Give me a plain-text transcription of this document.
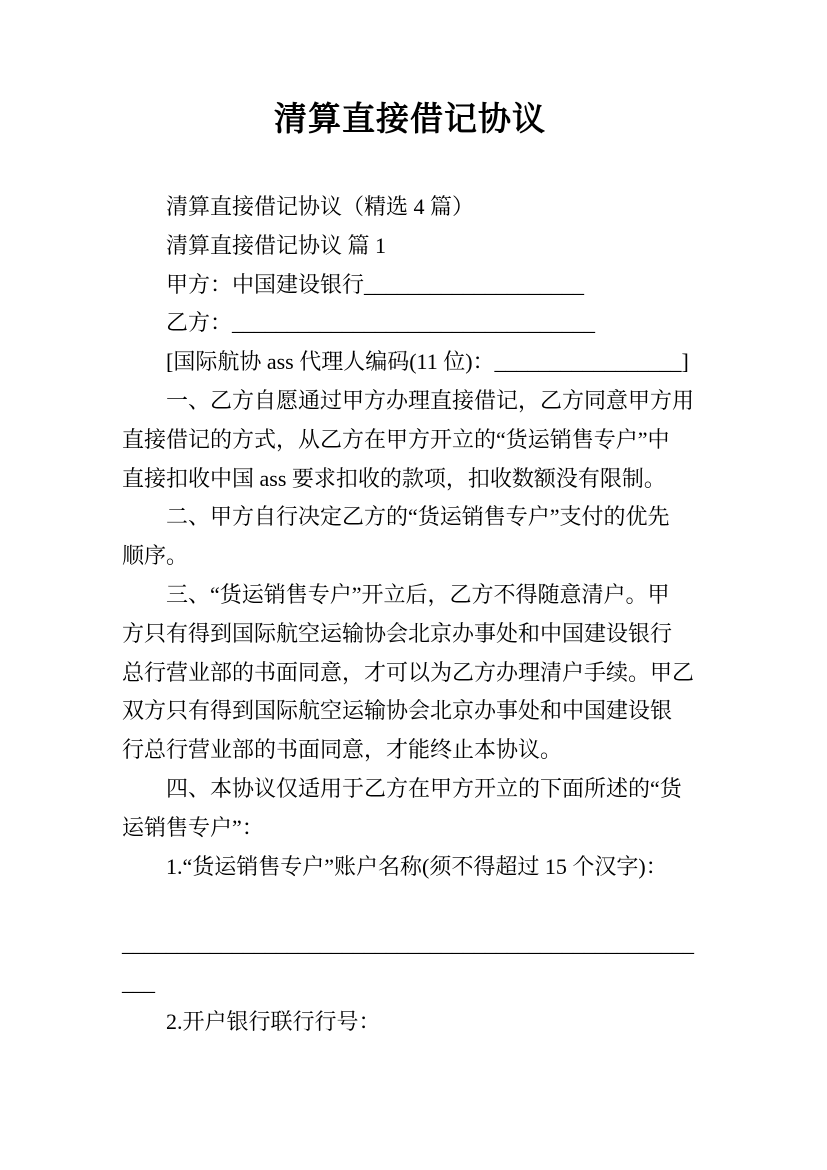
清算直接借记协议
清算直接借记协议（精选 4 篇）
清算直接借记协议 篇 1
甲方：中国建设银行____________________
乙方：_________________________________
[国际航协 ass 代理人编码(11 位)：_________________]
一、乙方自愿通过甲方办理直接借记，乙方同意甲方用
直接借记的方式，从乙方在甲方开立的“货运销售专户”中
直接扣收中国 ass 要求扣收的款项，扣收数额没有限制。
二、甲方自行决定乙方的“货运销售专户”支付的优先
顺序。
三、“货运销售专户”开立后，乙方不得随意清户。甲
方只有得到国际航空运输协会北京办事处和中国建设银行
总行营业部的书面同意，才可以为乙方办理清户手续。甲乙
双方只有得到国际航空运输协会北京办事处和中国建设银
行总行营业部的书面同意，才能终止本协议。
四、本协议仅适用于乙方在甲方开立的下面所述的“货
运销售专户”：
1.“货运销售专户”账户名称(须不得超过 15 个汉字)：
____________________________________________________
___
2.开户银行联行行号：
